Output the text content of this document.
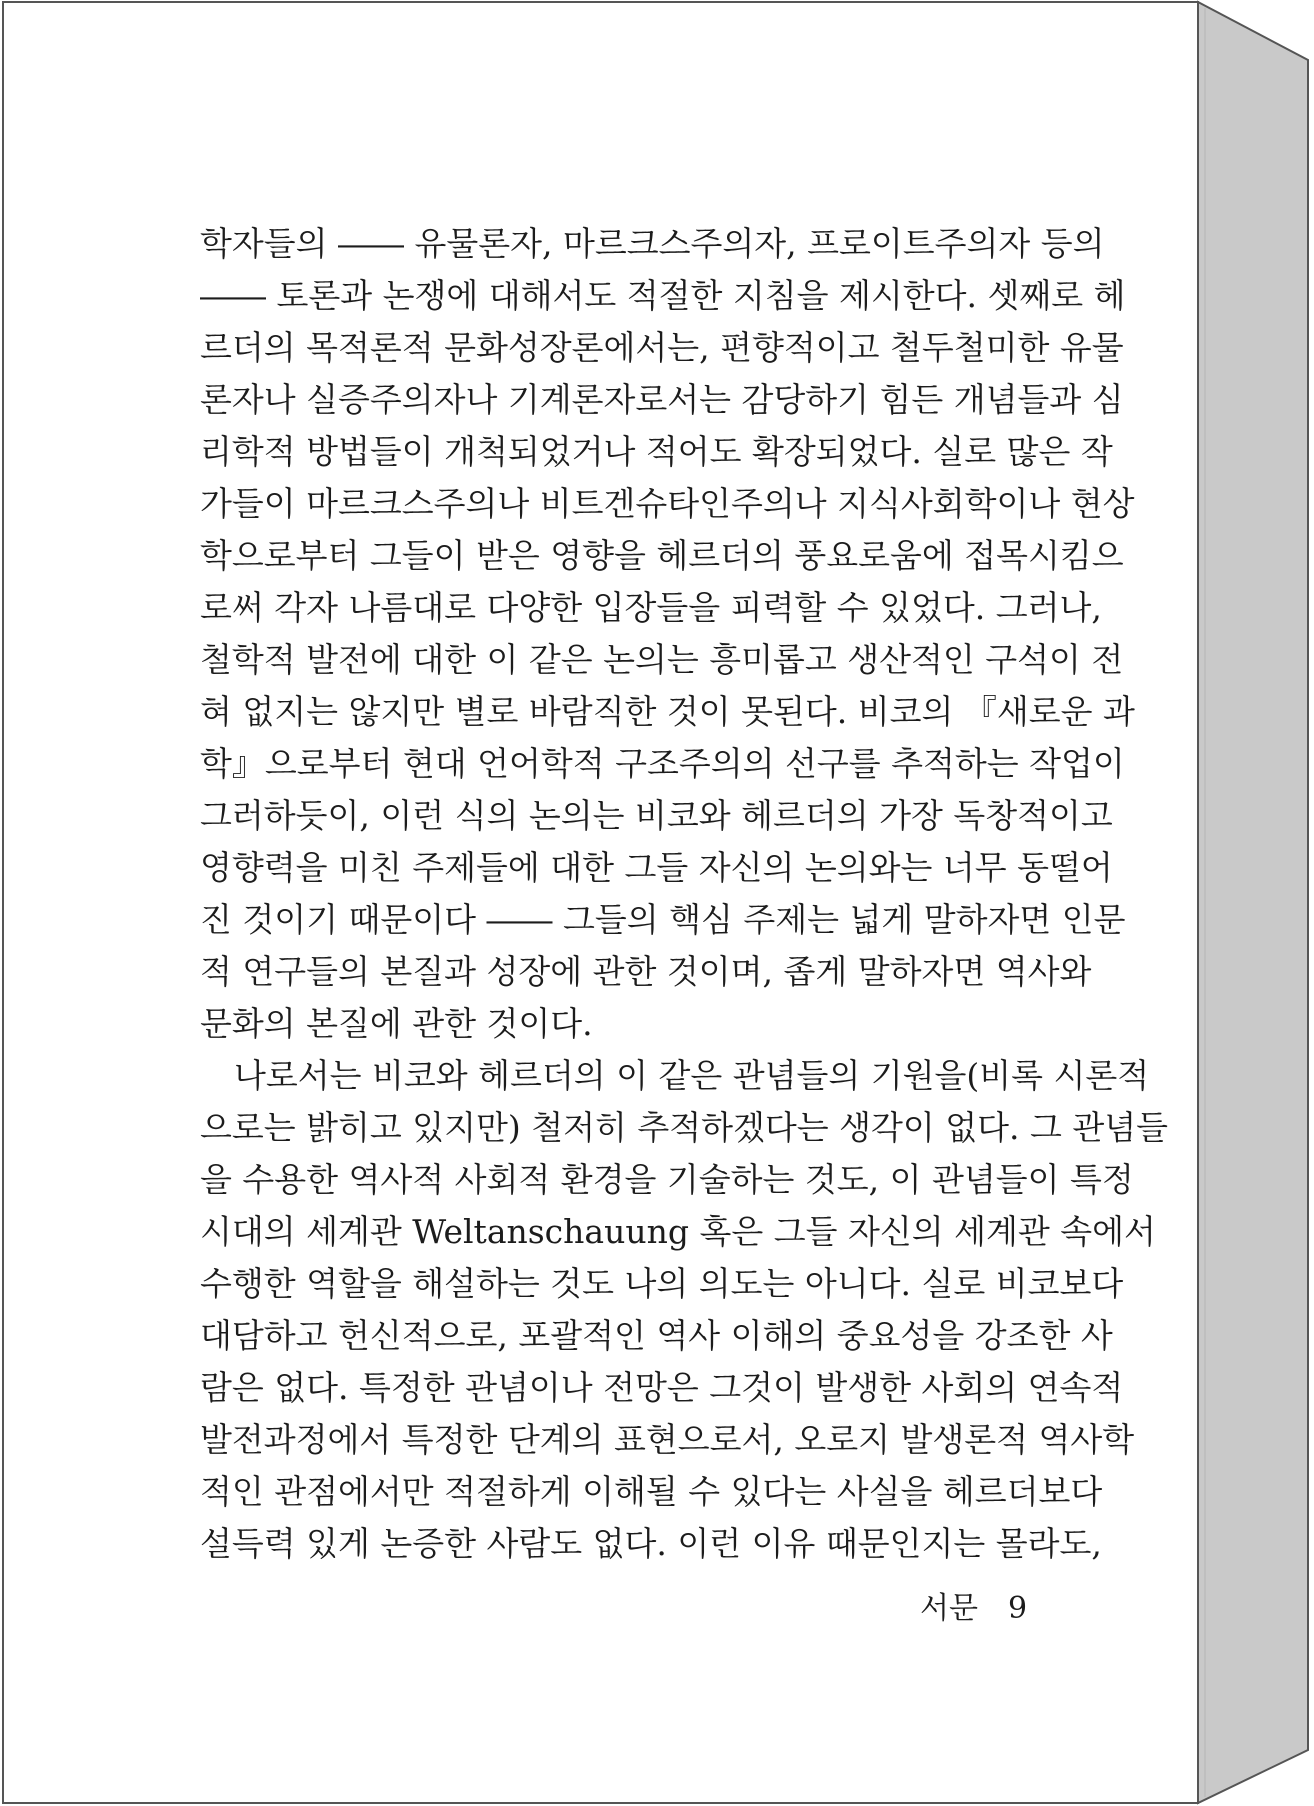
학자들의 ―― 유물론자, 마르크스주의자, 프로이트주의자 등의
―― 토론과 논쟁에 대해서도 적절한 지침을 제시한다. 셋째로 헤
르더의 목적론적 문화성장론에서는, 편향적이고 철두철미한 유물
론자나 실증주의자나 기계론자로서는 감당하기 힘든 개념들과 심
리학적 방법들이 개척되었거나 적어도 확장되었다. 실로 많은 작
가들이 마르크스주의나 비트겐슈타인주의나 지식사회학이나 현상
학으로부터 그들이 받은 영향을 헤르더의 풍요로움에 접목시킴으
로써 각자 나름대로 다양한 입장들을 피력할 수 있었다. 그러나,
철학적 발전에 대한 이 같은 논의는 흥미롭고 생산적인 구석이 전
혀 없지는 않지만 별로 바람직한 것이 못된다. 비코의 『새로운 과
학』으로부터 현대 언어학적 구조주의의 선구를 추적하는 작업이
그러하듯이, 이런 식의 논의는 비코와 헤르더의 가장 독창적이고
영향력을 미친 주제들에 대한 그들 자신의 논의와는 너무 동떨어
진 것이기 때문이다 ―― 그들의 핵심 주제는 넓게 말하자면 인문
적 연구들의 본질과 성장에 관한 것이며, 좁게 말하자면 역사와
문화의 본질에 관한 것이다.
나로서는 비코와 헤르더의 이 같은 관념들의 기원을(비록 시론적
으로는 밝히고 있지만) 철저히 추적하겠다는 생각이 없다. 그 관념들
을 수용한 역사적 사회적 환경을 기술하는 것도, 이 관념들이 특정
시대의 세계관 Weltanschauung 혹은 그들 자신의 세계관 속에서
수행한 역할을 해설하는 것도 나의 의도는 아니다. 실로 비코보다
대담하고 헌신적으로, 포괄적인 역사 이해의 중요성을 강조한 사
람은 없다. 특정한 관념이나 전망은 그것이 발생한 사회의 연속적
발전과정에서 특정한 단계의 표현으로서, 오로지 발생론적 역사학
적인 관점에서만 적절하게 이해될 수 있다는 사실을 헤르더보다
설득력 있게 논증한 사람도 없다. 이런 이유 때문인지는 몰라도,
서문 9
